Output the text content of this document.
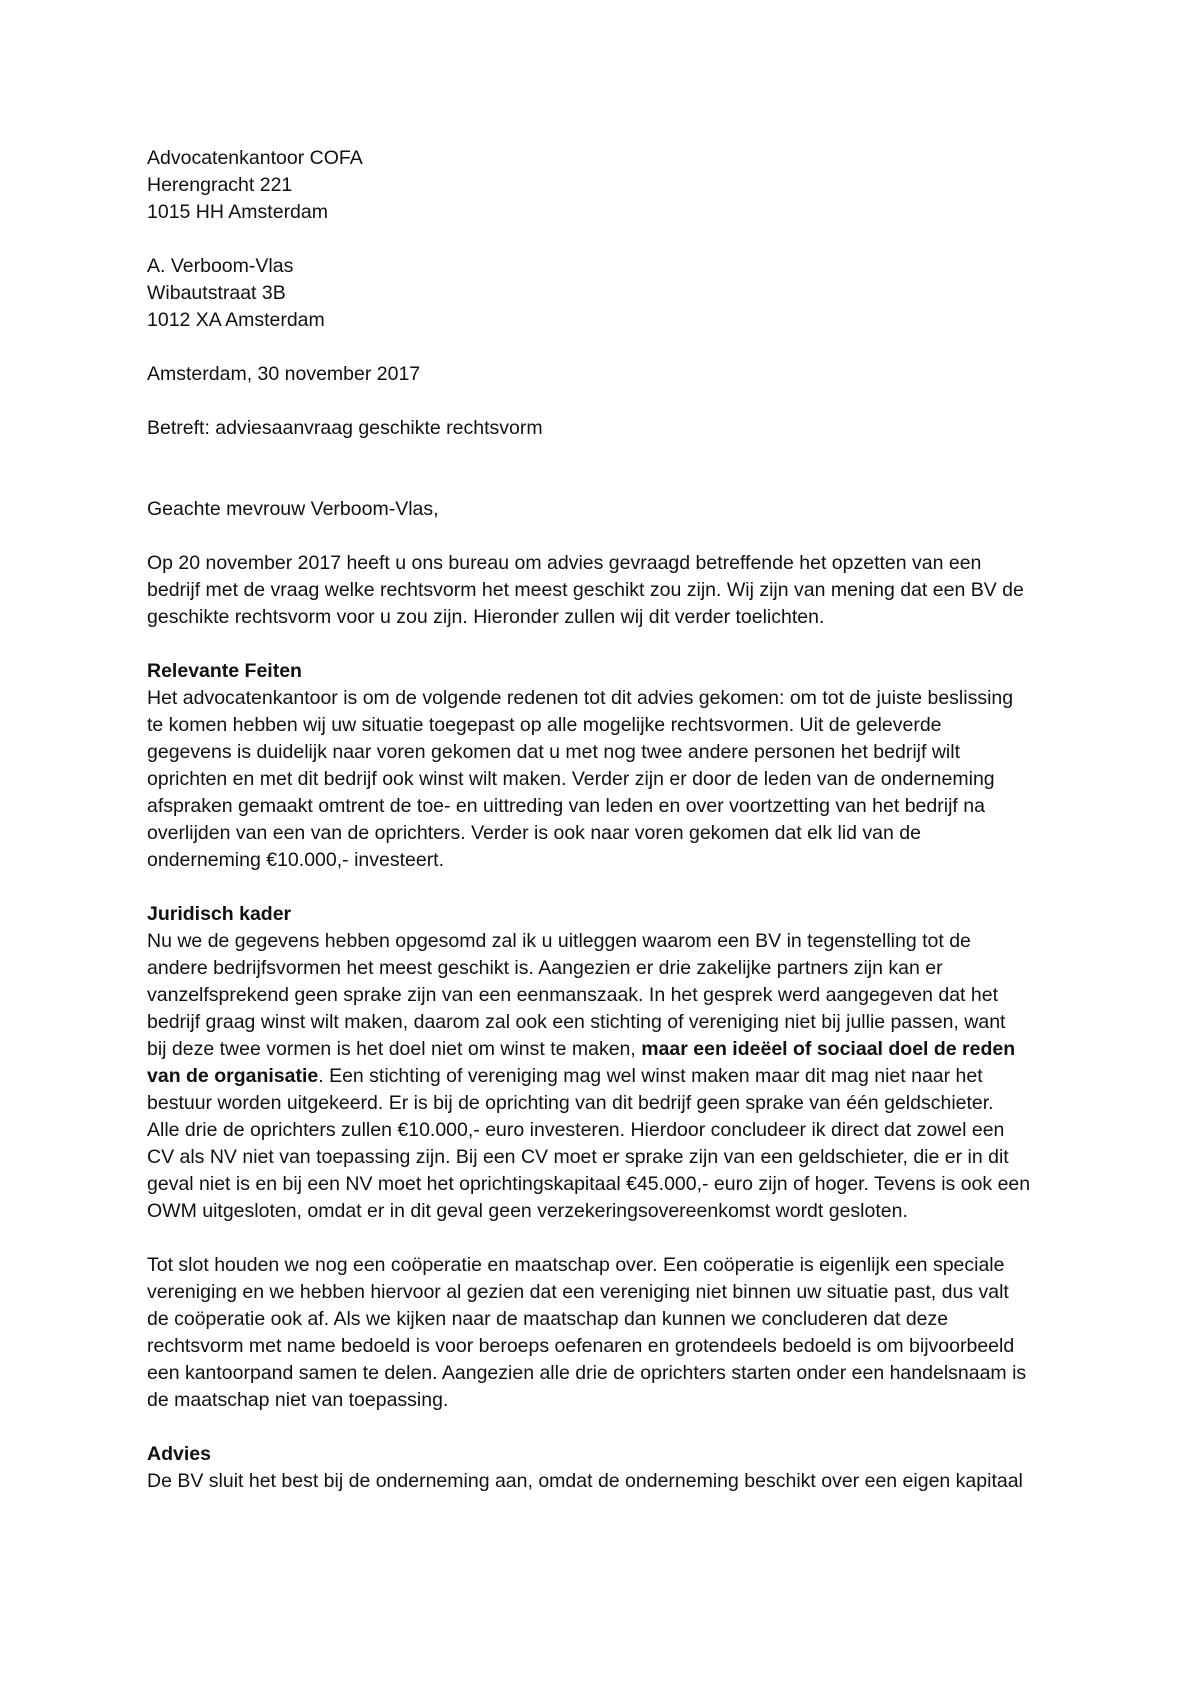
Advocatenkantoor COFA
Herengracht 221
1015 HH Amsterdam
A. Verboom-Vlas
Wibautstraat 3B
1012 XA Amsterdam
Amsterdam, 30 november 2017
Betreft: adviesaanvraag geschikte rechtsvorm
Geachte mevrouw Verboom-Vlas,
Op 20 november 2017 heeft u ons bureau om advies gevraagd betreffende het opzetten van een
bedrijf met de vraag welke rechtsvorm het meest geschikt zou zijn. Wij zijn van mening dat een BV de
geschikte rechtsvorm voor u zou zijn. Hieronder zullen wij dit verder toelichten.
Relevante Feiten
Het advocatenkantoor is om de volgende redenen tot dit advies gekomen: om tot de juiste beslissing
te komen hebben wij uw situatie toegepast op alle mogelijke rechtsvormen. Uit de geleverde
gegevens is duidelijk naar voren gekomen dat u met nog twee andere personen het bedrijf wilt
oprichten en met dit bedrijf ook winst wilt maken. Verder zijn er door de leden van de onderneming
afspraken gemaakt omtrent de toe- en uittreding van leden en over voortzetting van het bedrijf na
overlijden van een van de oprichters. Verder is ook naar voren gekomen dat elk lid van de
onderneming €10.000,- investeert.
Juridisch kader
Nu we de gegevens hebben opgesomd zal ik u uitleggen waarom een BV in tegenstelling tot de
andere bedrijfsvormen het meest geschikt is. Aangezien er drie zakelijke partners zijn kan er
vanzelfsprekend geen sprake zijn van een eenmanszaak. In het gesprek werd aangegeven dat het
bedrijf graag winst wilt maken, daarom zal ook een stichting of vereniging niet bij jullie passen, want
bij deze twee vormen is het doel niet om winst te maken, maar een ideëel of sociaal doel de reden
van de organisatie. Een stichting of vereniging mag wel winst maken maar dit mag niet naar het
bestuur worden uitgekeerd. Er is bij de oprichting van dit bedrijf geen sprake van één geldschieter.
Alle drie de oprichters zullen €10.000,- euro investeren. Hierdoor concludeer ik direct dat zowel een
CV als NV niet van toepassing zijn. Bij een CV moet er sprake zijn van een geldschieter, die er in dit
geval niet is en bij een NV moet het oprichtingskapitaal €45.000,- euro zijn of hoger. Tevens is ook een
OWM uitgesloten, omdat er in dit geval geen verzekeringsovereenkomst wordt gesloten.
Tot slot houden we nog een coöperatie en maatschap over. Een coöperatie is eigenlijk een speciale
vereniging en we hebben hiervoor al gezien dat een vereniging niet binnen uw situatie past, dus valt
de coöperatie ook af. Als we kijken naar de maatschap dan kunnen we concluderen dat deze
rechtsvorm met name bedoeld is voor beroeps oefenaren en grotendeels bedoeld is om bijvoorbeeld
een kantoorpand samen te delen. Aangezien alle drie de oprichters starten onder een handelsnaam is
de maatschap niet van toepassing.
Advies
De BV sluit het best bij de onderneming aan, omdat de onderneming beschikt over een eigen kapitaal
